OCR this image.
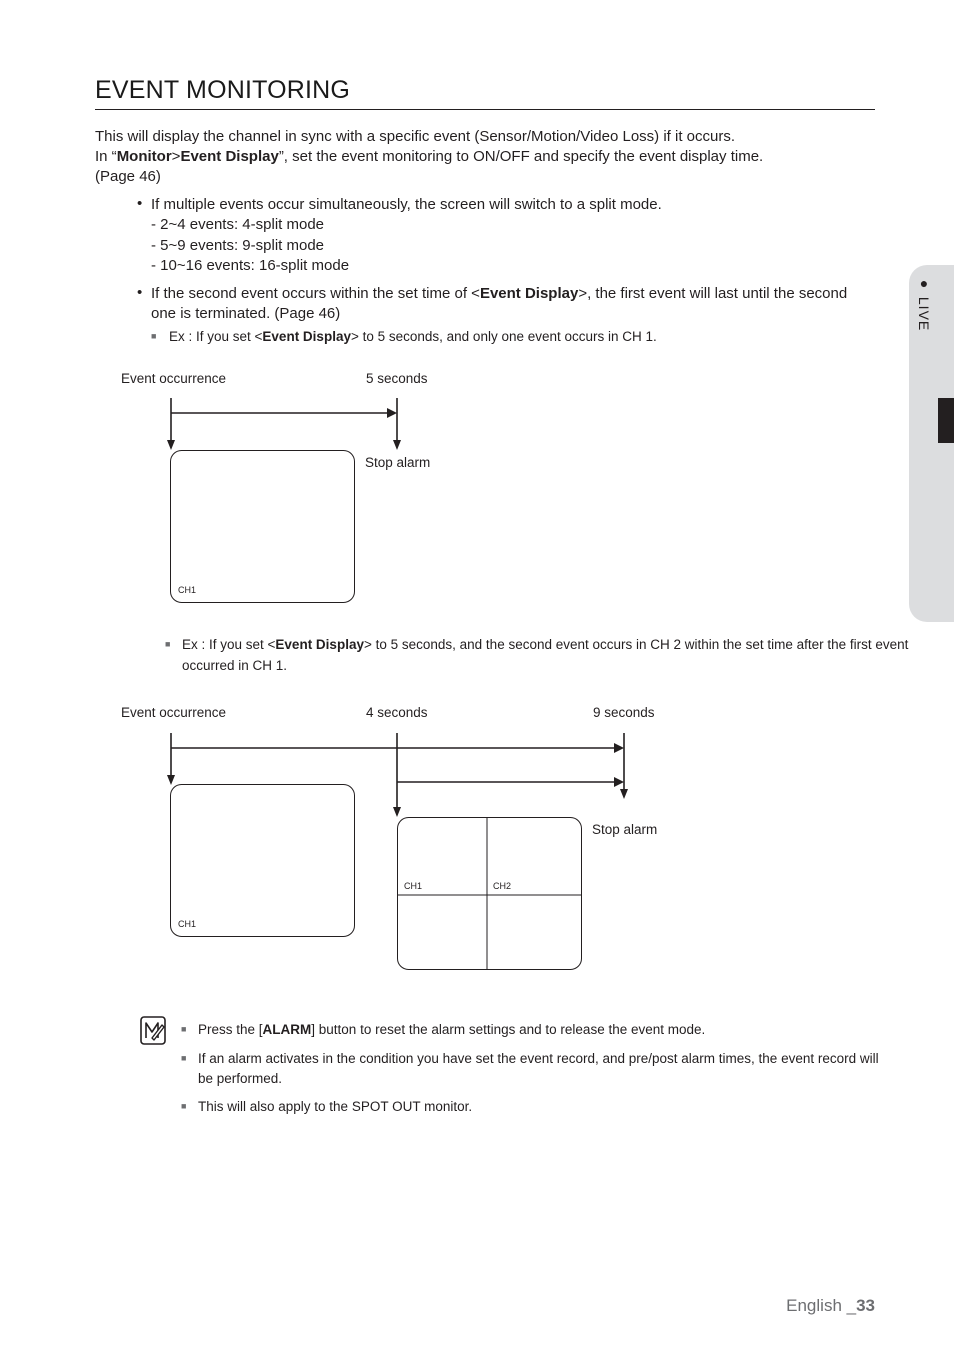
EVENT MONITORING
This will display the channel in sync with a specific event (Sensor/Motion/Video Loss) if it occurs.
In “Monitor>Event Display”, set the event monitoring to ON/OFF and specify the event display time.
(Page 46)
• If multiple events occur simultaneously, the screen will switch to a split mode.
- 2~4 events: 4-split mode
- 5~9 events: 9-split mode
- 10~16 events: 16-split mode
• If the second event occurs within the set time of <Event Display>, the first event will last until the second
one is terminated. (Page 46)
■ Ex : If you set <Event Display> to 5 seconds, and only one event occurs in CH 1.
Event occurrence	5 seconds
Stop alarm
CH1
■ Ex : If you set <Event Display> to 5 seconds, and the second event occurs in CH 2 within the set time after the first event
occurred in CH 1.
Event occurrence	4 seconds	9 seconds
Stop alarm
CH1
CH1	CH2
■ Press the [ALARM] button to reset the alarm settings and to release the event mode.
■ If an alarm activates in the condition you have set the event record, and pre/post alarm times, the event record will
be performed.
■ This will also apply to the SPOT OUT monitor.
● LIVE
English _33
